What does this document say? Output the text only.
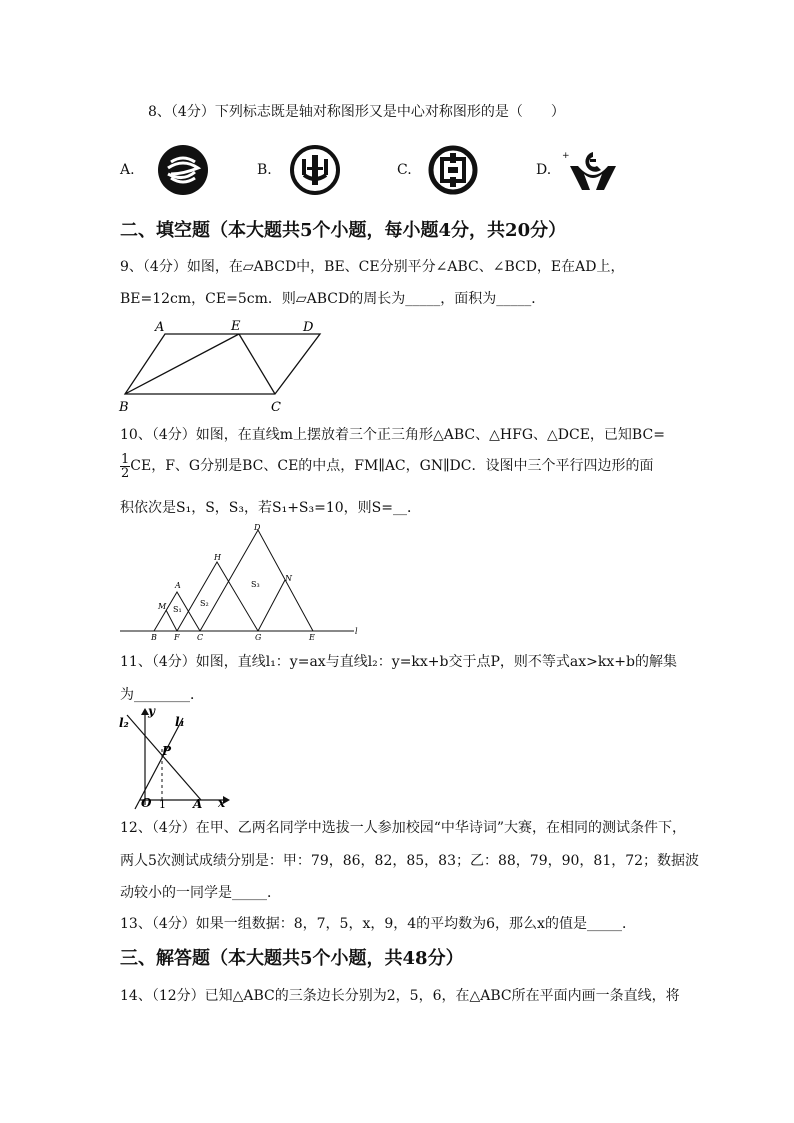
8、（4分）下列标志既是轴对称图形又是中心对称图形的是（　　）
A.	B.	C.	D.
+
二、填空题（本大题共5个小题，每小题4分，共20分）
9、（4分）如图，在▱ABCD中，BE、CE分别平分∠ABC、∠BCD，E在AD上，
BE=12cm，CE=5cm．则▱ABCD的周长为_____，面积为_____．
A	E	D
B	C
10、（4分）如图，在直线m上摆放着三个正三角形△ABC、△HFG、△DCE，已知BC=
$\frac{1}{2}$ CE，F、G分别是BC、CE的中点，FM∥AC，GN∥DC．设图中三个平行四边形的面
积依次是S₁，S，S₃，若S₁+S₃=10，则S=__．
D
H
N
A
M S₁
S₂
S₃
B F C	G	E
l
11、（4分）如图，直线l₁：y=ax与直线l₂：y=kx+b交于点P，则不等式ax>kx+b的解集
为________．
y
l₂	l₁
P
O 1 A x
12、（4分）在甲、乙两名同学中选拔一人参加校园“中华诗词”大赛，在相同的测试条件下，
两人5次测试成绩分别是：甲：79，86，82，85，83；乙：88，79，90，81，72；数据波
动较小的一同学是_____．
13、（4分）如果一组数据：8，7，5，x，9，4的平均数为6，那么x的值是_____．
三、解答题（本大题共5个小题，共48分）
14、（12分）已知△ABC的三条边长分别为2，5，6，在△ABC所在平面内画一条直线，将
